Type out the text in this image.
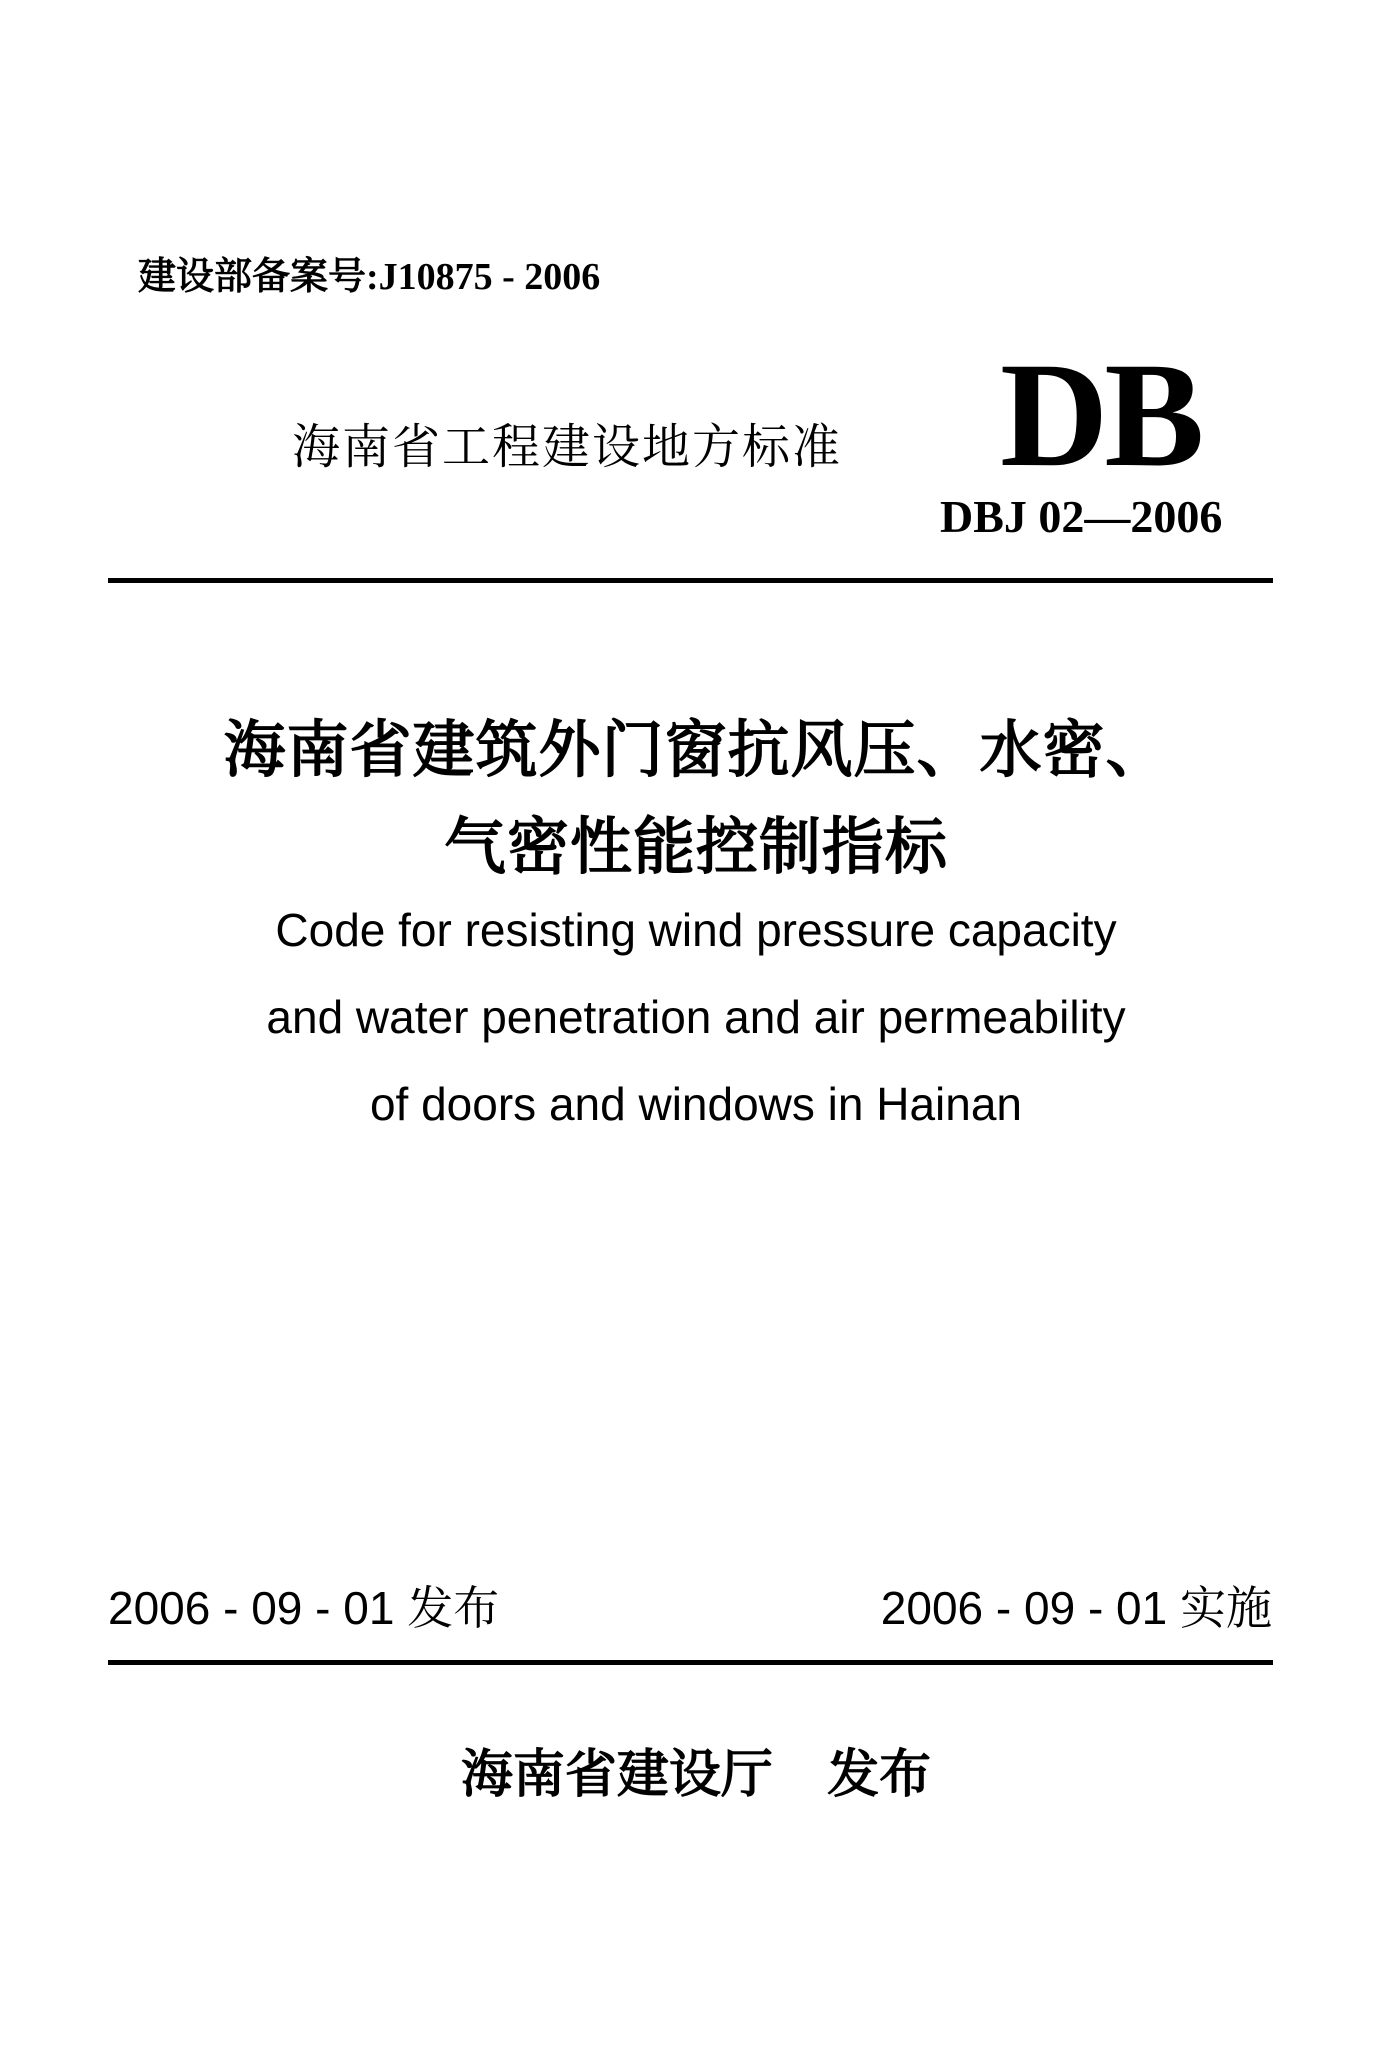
建设部备案号:J10875 - 2006
海南省工程建设地方标准 DB
DBJ 02—2006
海南省建筑外门窗抗风压、水密、
气密性能控制指标
Code for resisting wind pressure capacity
and water penetration and air permeability
of doors and windows in Hainan
2006 - 09 - 01 发布	2006 - 09 - 01 实施
海南省建设厅   发布
